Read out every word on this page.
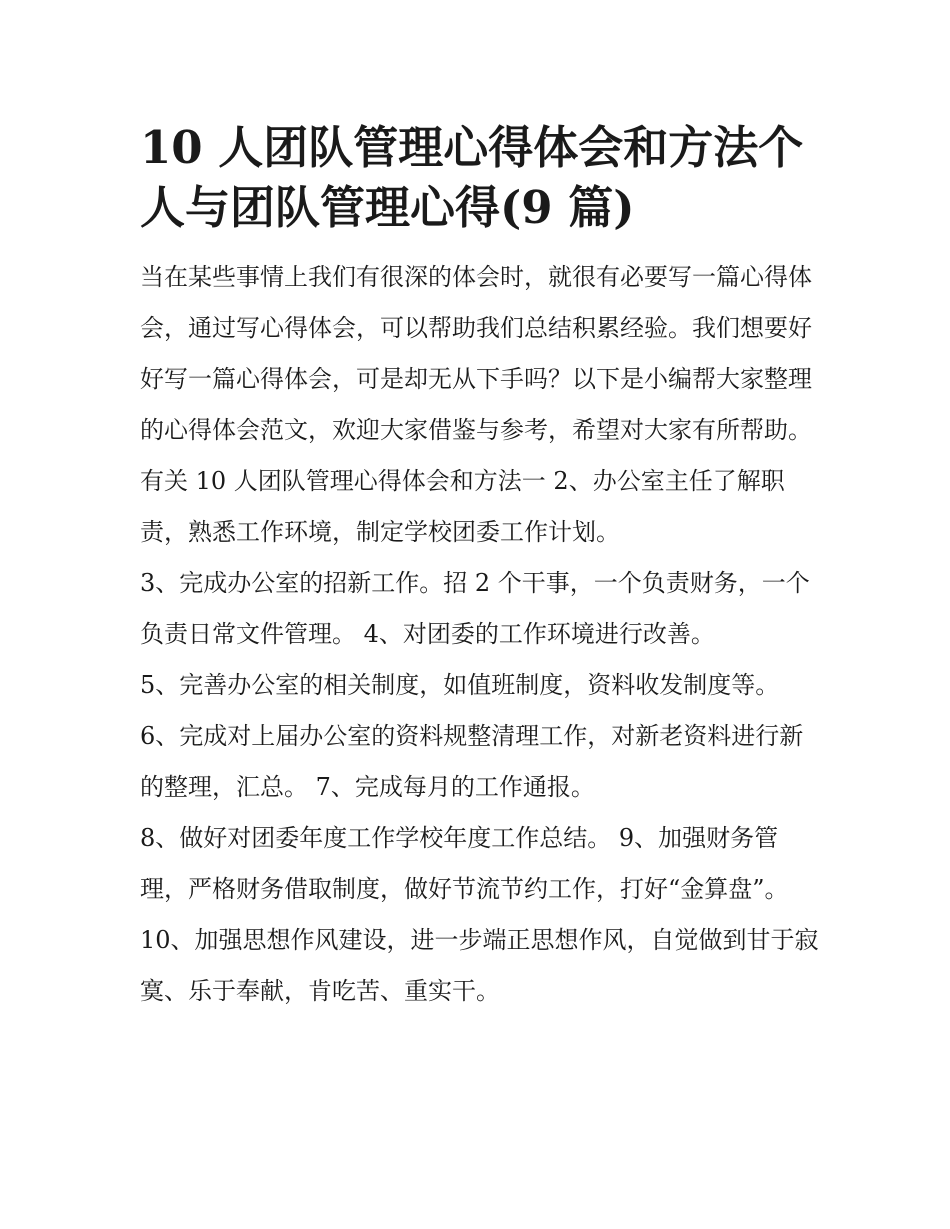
10 人团队管理心得体会和方法个人与团队管理心得(9 篇)

当在某些事情上我们有很深的体会时，就很有必要写一篇心得体会，通过写心得体会，可以帮助我们总结积累经验。我们想要好好写一篇心得体会，可是却无从下手吗？以下是小编帮大家整理的心得体会范文，欢迎大家借鉴与参考，希望对大家有所帮助。

有关 10 人团队管理心得体会和方法一 2、办公室主任了解职责，熟悉工作环境，制定学校团委工作计划。

3、完成办公室的招新工作。招 2 个干事，一个负责财务，一个负责日常文件管理。 4、对团委的工作环境进行改善。

5、完善办公室的相关制度，如值班制度，资料收发制度等。

6、完成对上届办公室的资料规整清理工作，对新老资料进行新的整理，汇总。 7、完成每月的工作通报。

8、做好对团委年度工作学校年度工作总结。 9、加强财务管理，严格财务借取制度，做好节流节约工作，打好“金算盘”。

10、加强思想作风建设，进一步端正思想作风，自觉做到甘于寂寞、乐于奉献，肯吃苦、重实干。
